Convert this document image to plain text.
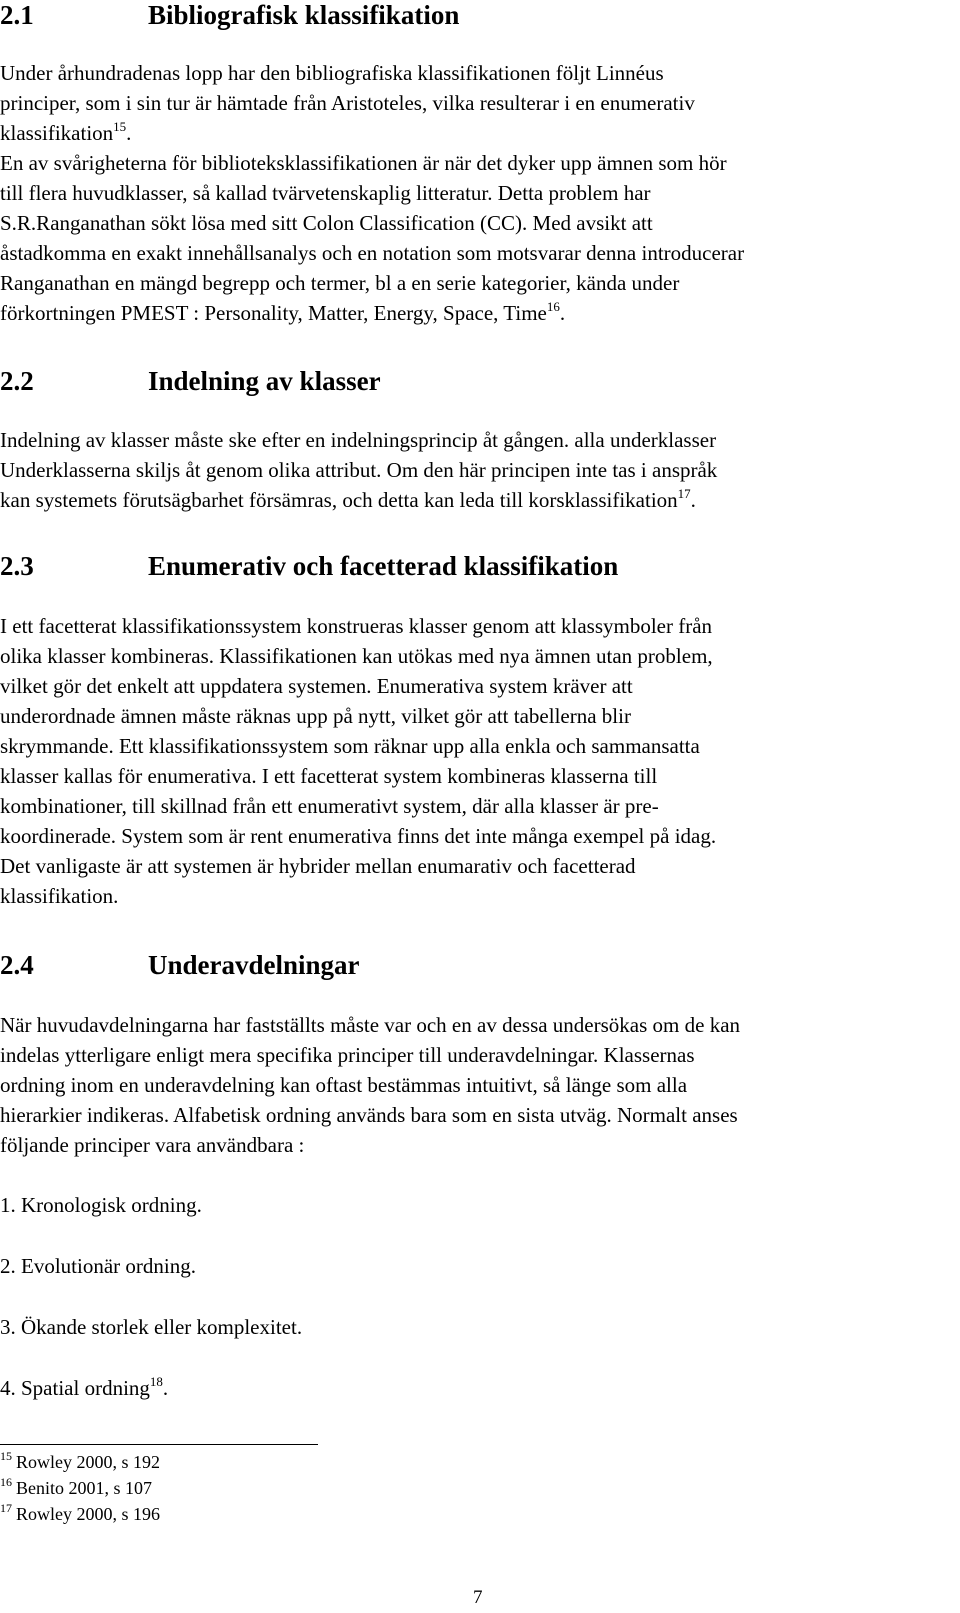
2.1	Bibliografisk klassifikation
Under århundradenas lopp har den bibliografiska klassifikationen följt Linnéus
principer, som i sin tur är hämtade från Aristoteles, vilka resulterar i en enumerativ
klassifikation$^{15}$.
En av svårigheterna för biblioteksklassifikationen är när det dyker upp ämnen som hör
till flera huvudklasser, så kallad tvärvetenskaplig litteratur. Detta problem har
S.R.Ranganathan sökt lösa med sitt Colon Classification (CC). Med avsikt att
åstadkomma en exakt innehållsanalys och en notation som motsvarar denna introducerar
Ranganathan en mängd begrepp och termer, bl a en serie kategorier, kända under
förkortningen PMEST : Personality, Matter, Energy, Space, Time$^{16}$.
2.2	Indelning av klasser
Indelning av klasser måste ske efter en indelningsprincip åt gången. alla underklasser
Underklasserna skiljs åt genom olika attribut. Om den här principen inte tas i anspråk
kan systemets förutsägbarhet försämras, och detta kan leda till korsklassifikation$^{17}$.
2.3	Enumerativ och facetterad klassifikation
I ett facetterat klassifikationssystem konstrueras klasser genom att klassymboler från
olika klasser kombineras. Klassifikationen kan utökas med nya ämnen utan problem,
vilket gör det enkelt att uppdatera systemen. Enumerativa system kräver att
underordnade ämnen måste räknas upp på nytt, vilket gör att tabellerna blir
skrymmande. Ett klassifikationssystem som räknar upp alla enkla och sammansatta
klasser kallas för enumerativa. I ett facetterat system kombineras klasserna till
kombinationer, till skillnad från ett enumerativt system, där alla klasser är pre-
koordinerade. System som är rent enumerativa finns det inte många exempel på idag.
Det vanligaste är att systemen är hybrider mellan enumarativ och facetterad
klassifikation.
2.4	Underavdelningar
När huvudavdelningarna har fastställts måste var och en av dessa undersökas om de kan
indelas ytterligare enligt mera specifika principer till underavdelningar. Klassernas
ordning inom en underavdelning kan oftast bestämmas intuitivt, så länge som alla
hierarkier indikeras. Alfabetisk ordning används bara som en sista utväg. Normalt anses
följande principer vara användbara :
1. Kronologisk ordning.
2. Evolutionär ordning.
3. Ökande storlek eller komplexitet.
4. Spatial ordning$^{18}$.
$^{15}$ Rowley 2000, s 192
$^{16}$ Benito 2001, s 107
$^{17}$ Rowley 2000, s 196
7
